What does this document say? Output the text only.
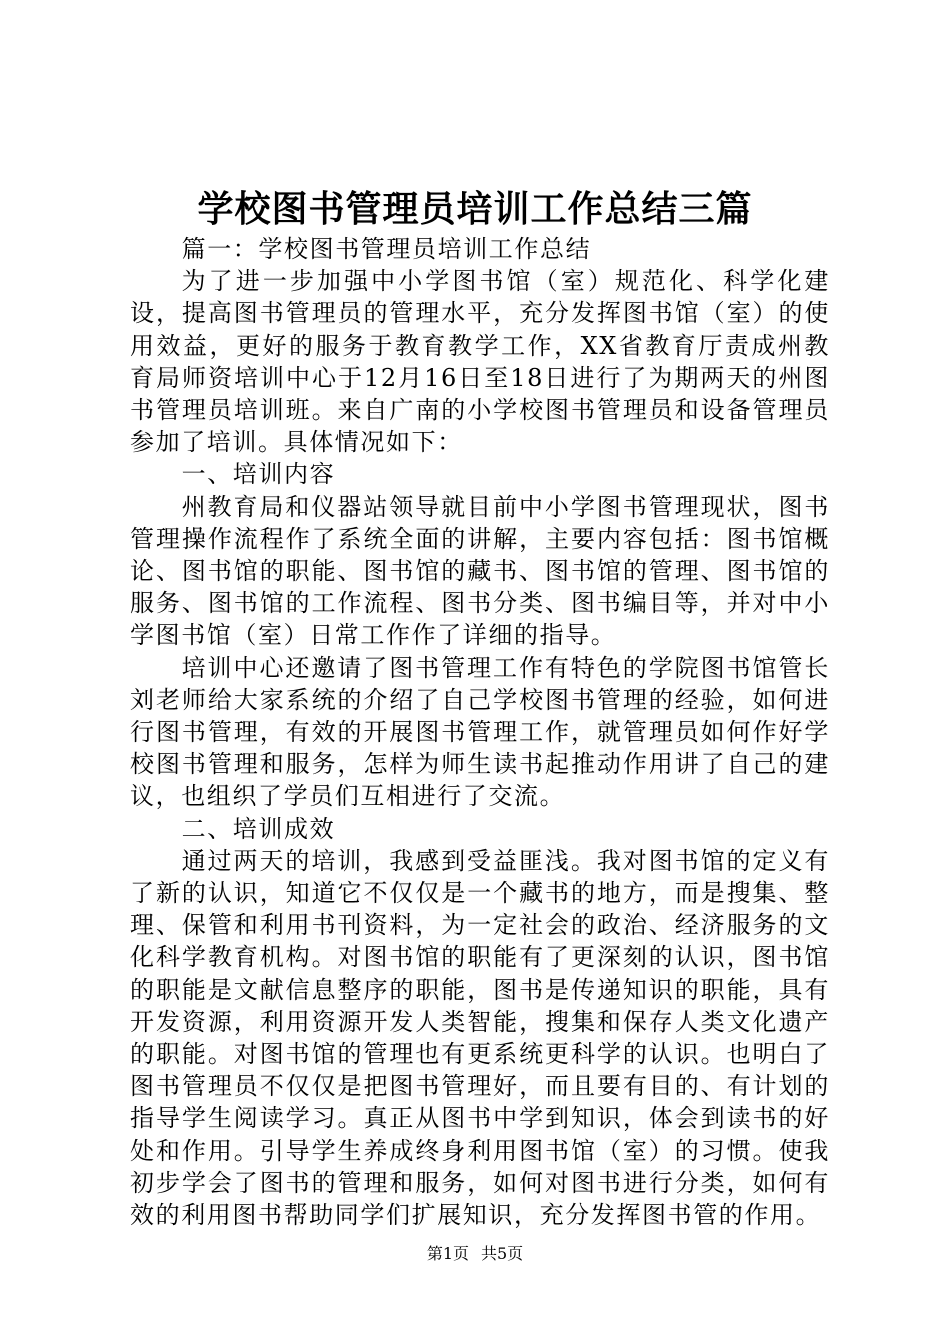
学校图书管理员培训工作总结三篇

篇一：学校图书管理员培训工作总结

为了进一步加强中小学图书馆（室）规范化、科学化建设，提高图书管理员的管理水平，充分发挥图书馆（室）的使用效益，更好的服务于教育教学工作，XX省教育厅责成州教育局师资培训中心于12月16日至18日进行了为期两天的州图书管理员培训班。来自广南的小学校图书管理员和设备管理员参加了培训。具体情况如下：

一、培训内容

州教育局和仪器站领导就目前中小学图书管理现状，图书管理操作流程作了系统全面的讲解，主要内容包括：图书馆概论、图书馆的职能、图书馆的藏书、图书馆的管理、图书馆的服务、图书馆的工作流程、图书分类、图书编目等，并对中小学图书馆（室）日常工作作了详细的指导。

培训中心还邀请了图书管理工作有特色的学院图书馆管长刘老师给大家系统的介绍了自己学校图书管理的经验，如何进行图书管理，有效的开展图书管理工作，就管理员如何作好学校图书管理和服务，怎样为师生读书起推动作用讲了自己的建议，也组织了学员们互相进行了交流。

二、培训成效

通过两天的培训，我感到受益匪浅。我对图书馆的定义有了新的认识，知道它不仅仅是一个藏书的地方，而是搜集、整理、保管和利用书刊资料，为一定社会的政治、经济服务的文化科学教育机构。对图书馆的职能有了更深刻的认识，图书馆的职能是文献信息整序的职能，图书是传递知识的职能，具有开发资源，利用资源开发人类智能，搜集和保存人类文化遗产的职能。对图书馆的管理也有更系统更科学的认识。也明白了图书管理员不仅仅是把图书管理好，而且要有目的、有计划的指导学生阅读学习。真正从图书中学到知识，体会到读书的好处和作用。引导学生养成终身利用图书馆（室）的习惯。使我初步学会了图书的管理和服务，如何对图书进行分类，如何有效的利用图书帮助同学们扩展知识，充分发挥图书管的作用。

第1页 共5页
